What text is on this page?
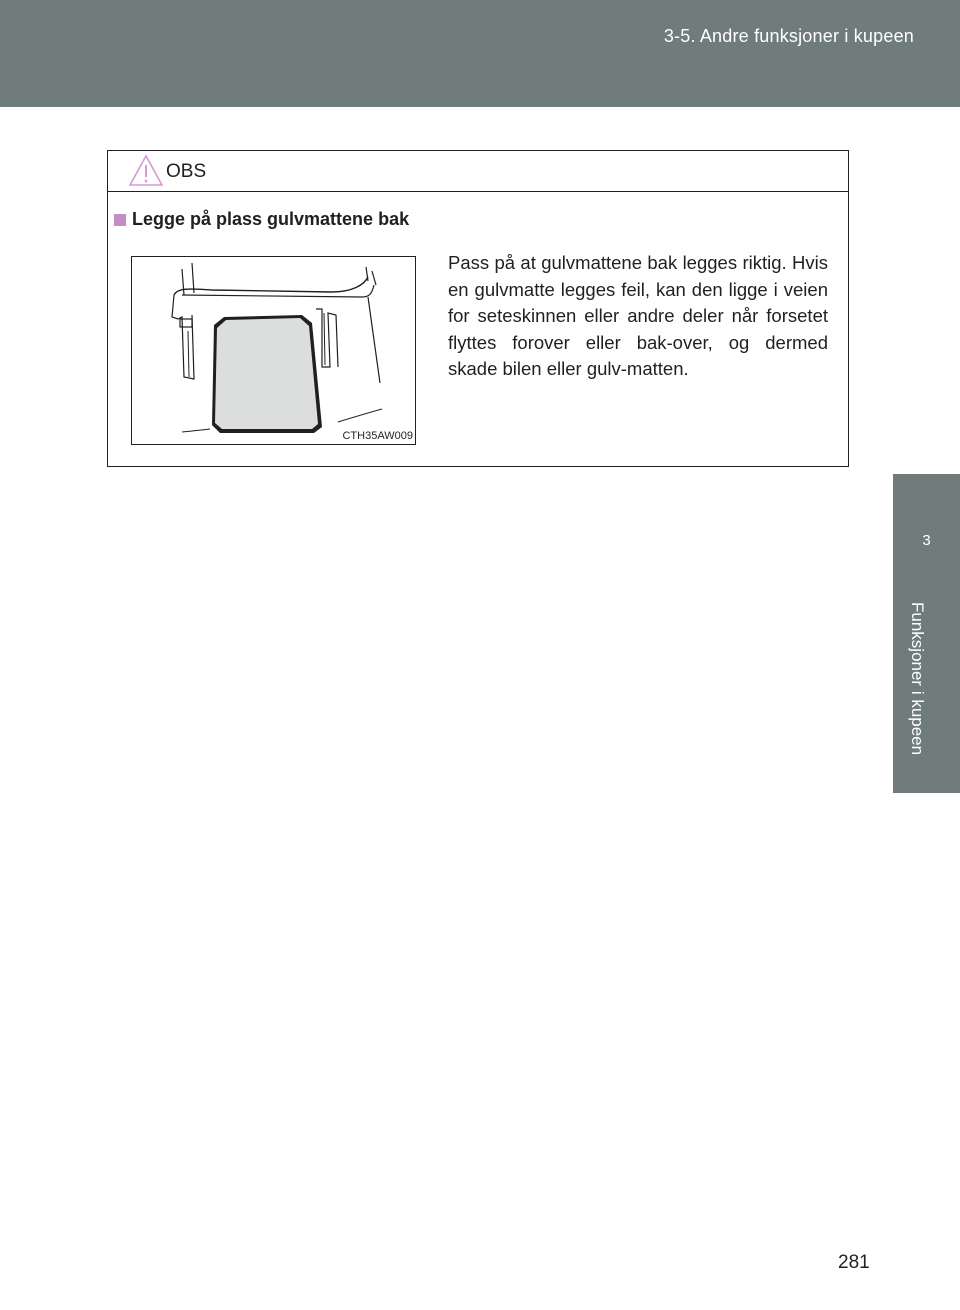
3-5. Andre funksjoner i kupeen
3
Funksjoner i kupeen
OBS
Legge på plass gulvmattene bak
CTH35AW009
Pass på at gulvmattene bak legges riktig. Hvis en gulvmatte legges feil, kan den ligge i veien for seteskinnen eller andre deler når forsetet flyttes forover eller bak-over, og dermed skade bilen eller gulv-matten.
281
